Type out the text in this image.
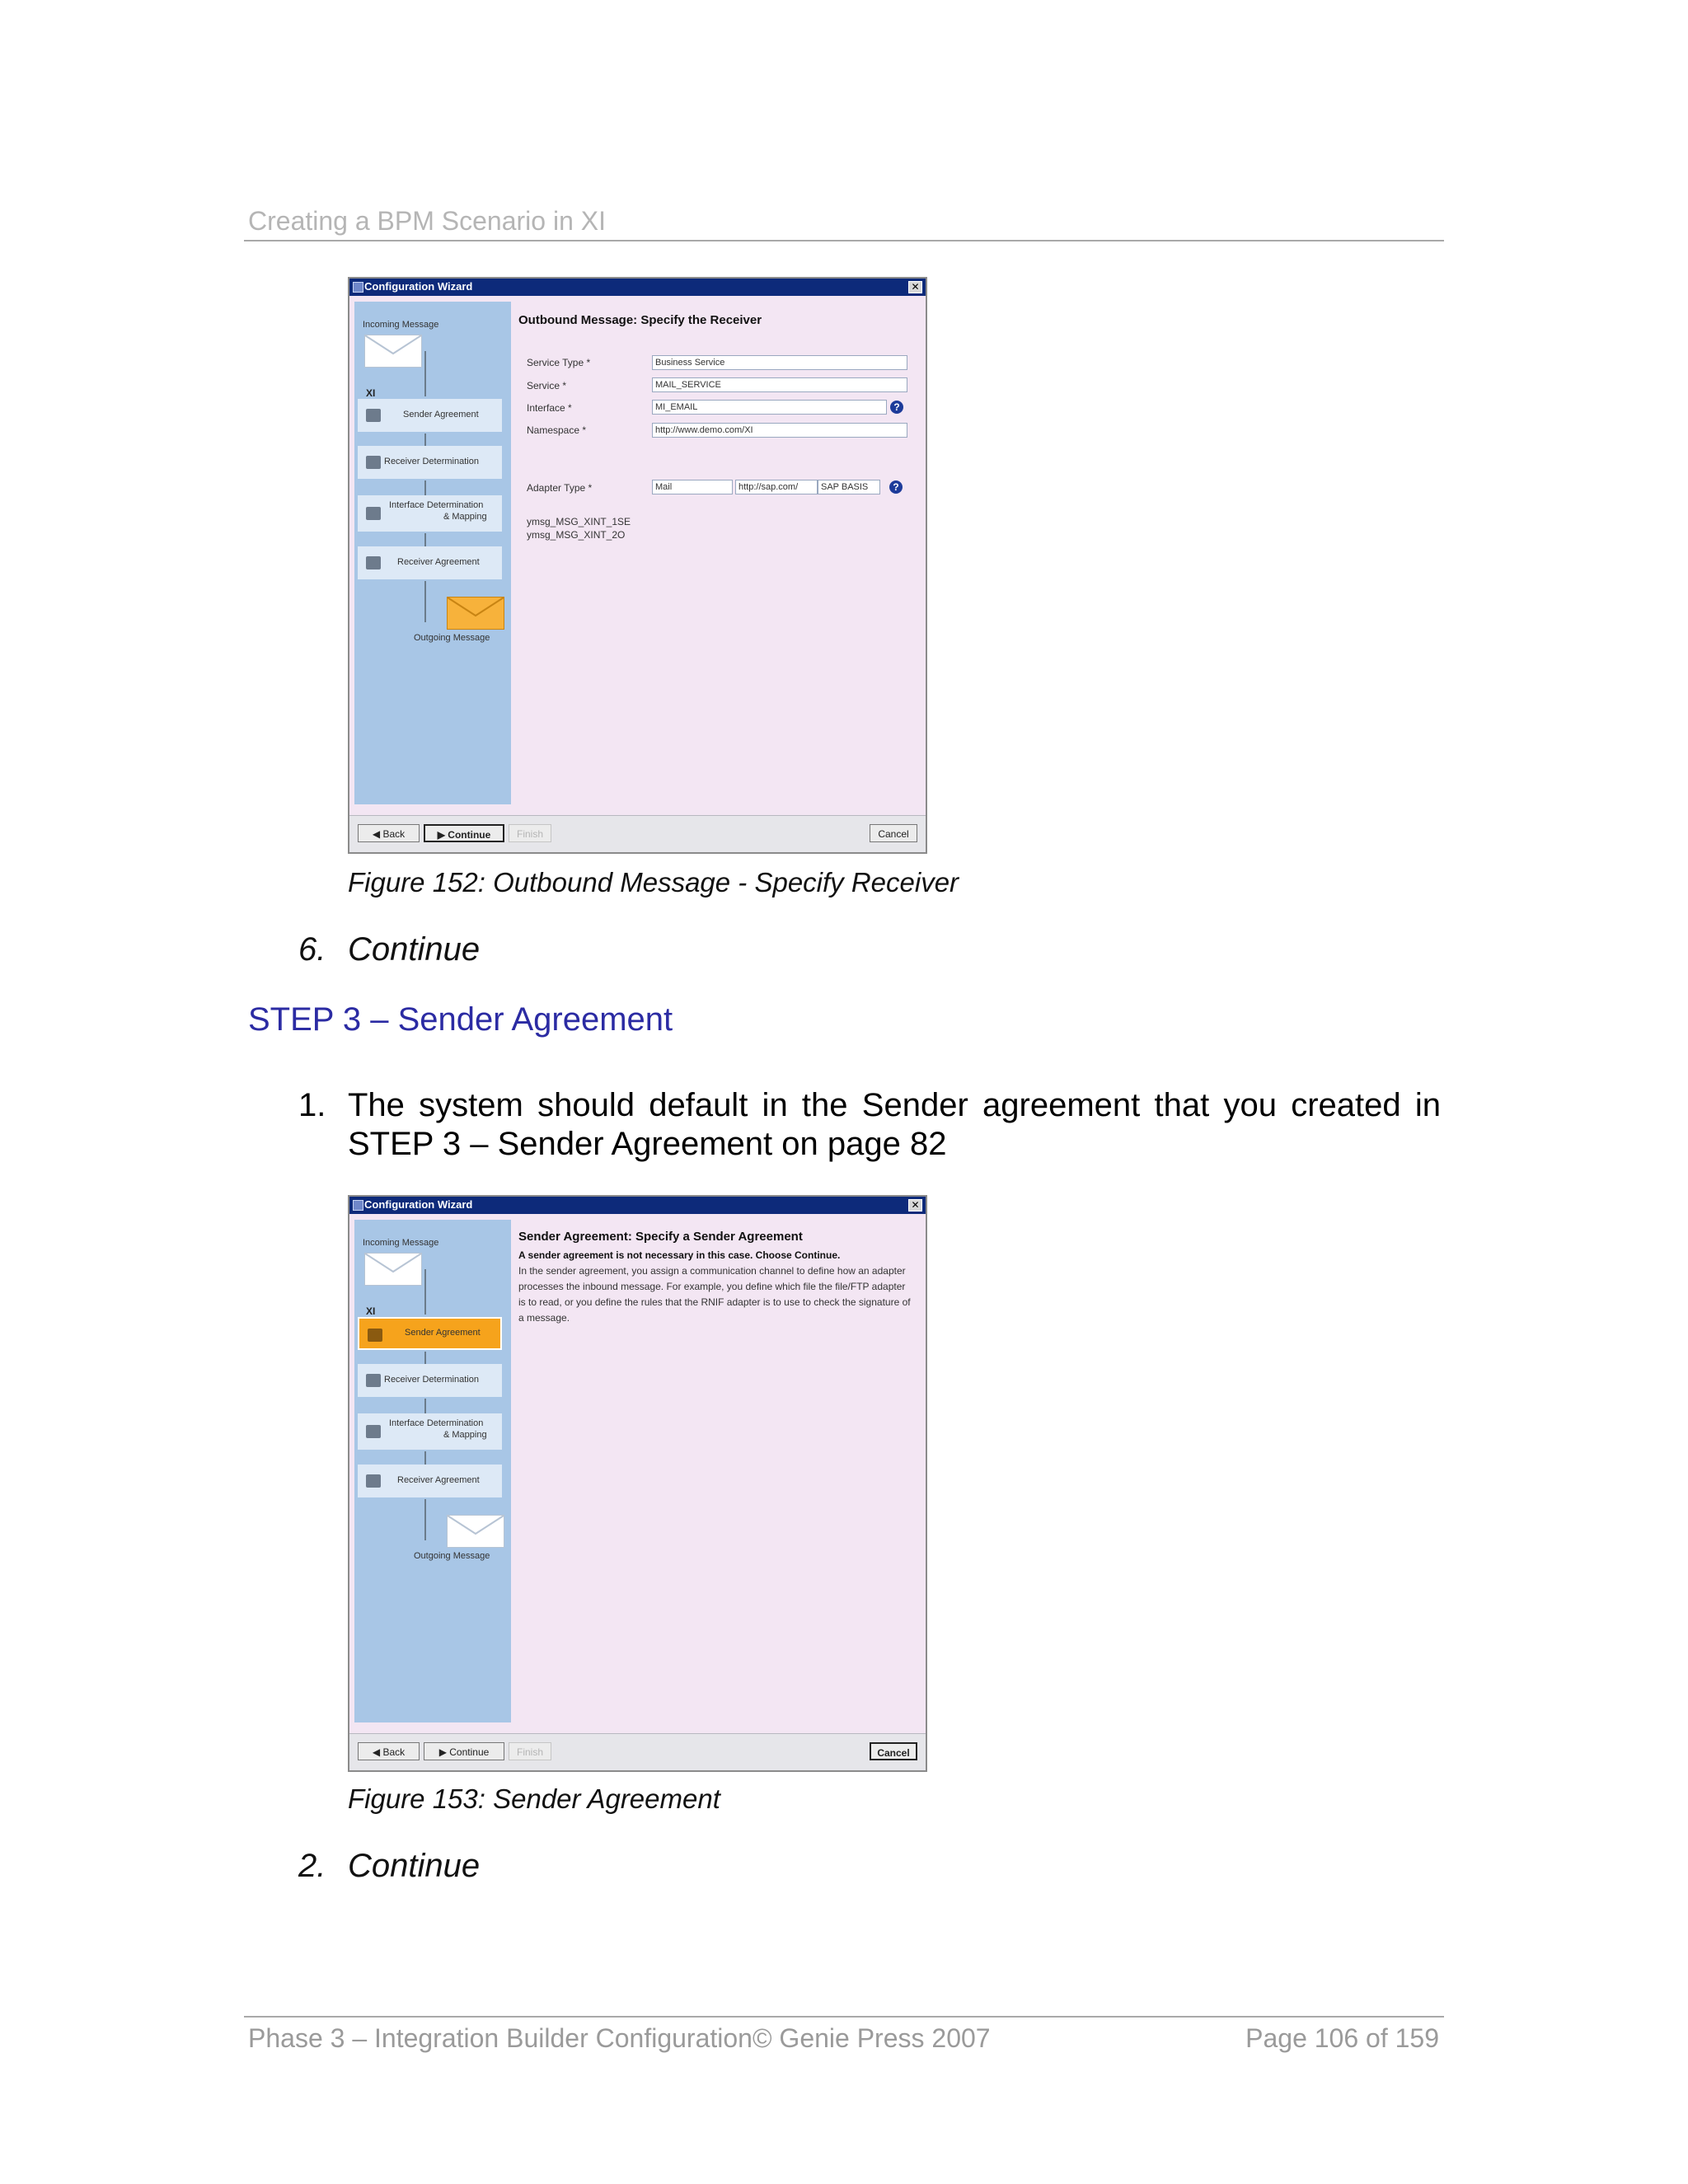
Creating a BPM Scenario in XI
Configuration Wizard	✕
Incoming Message
XI
Sender Agreement
Receiver Determination
Interface Determination
& Mapping
Receiver Agreement
Outgoing Message
Outbound Message: Specify the Receiver
Service Type *	Business Service
Service *	MAIL_SERVICE
Interface *	MI_EMAIL	?
Namespace *	http://www.demo.com/XI
Adapter Type *	Mail	http://sap.com/	SAP BASIS	?
ymsg_MSG_XINT_1SE
ymsg_MSG_XINT_2O
◀ Back	▶ Continue	Finish	Cancel
Figure 152: Outbound Message - Specify Receiver
6. Continue
STEP 3 – Sender Agreement
1. The system should default in the Sender agreement that you created in STEP 3 – Sender Agreement on page 82
Configuration Wizard	✕
Incoming Message
XI
Sender Agreement
Receiver Determination
Interface Determination
& Mapping
Receiver Agreement
Outgoing Message
Sender Agreement: Specify a Sender Agreement
A sender agreement is not necessary in this case. Choose Continue.
In the sender agreement, you assign a communication channel to define how an adapter processes the inbound message. For example, you define which file the file/FTP adapter is to read, or you define the rules that the RNIF adapter is to use to check the signature of a message.
◀ Back	▶ Continue	Finish	Cancel
Figure 153: Sender Agreement
2. Continue
Phase 3 – Integration Builder Configuration© Genie Press 2007	Page 106 of 159
